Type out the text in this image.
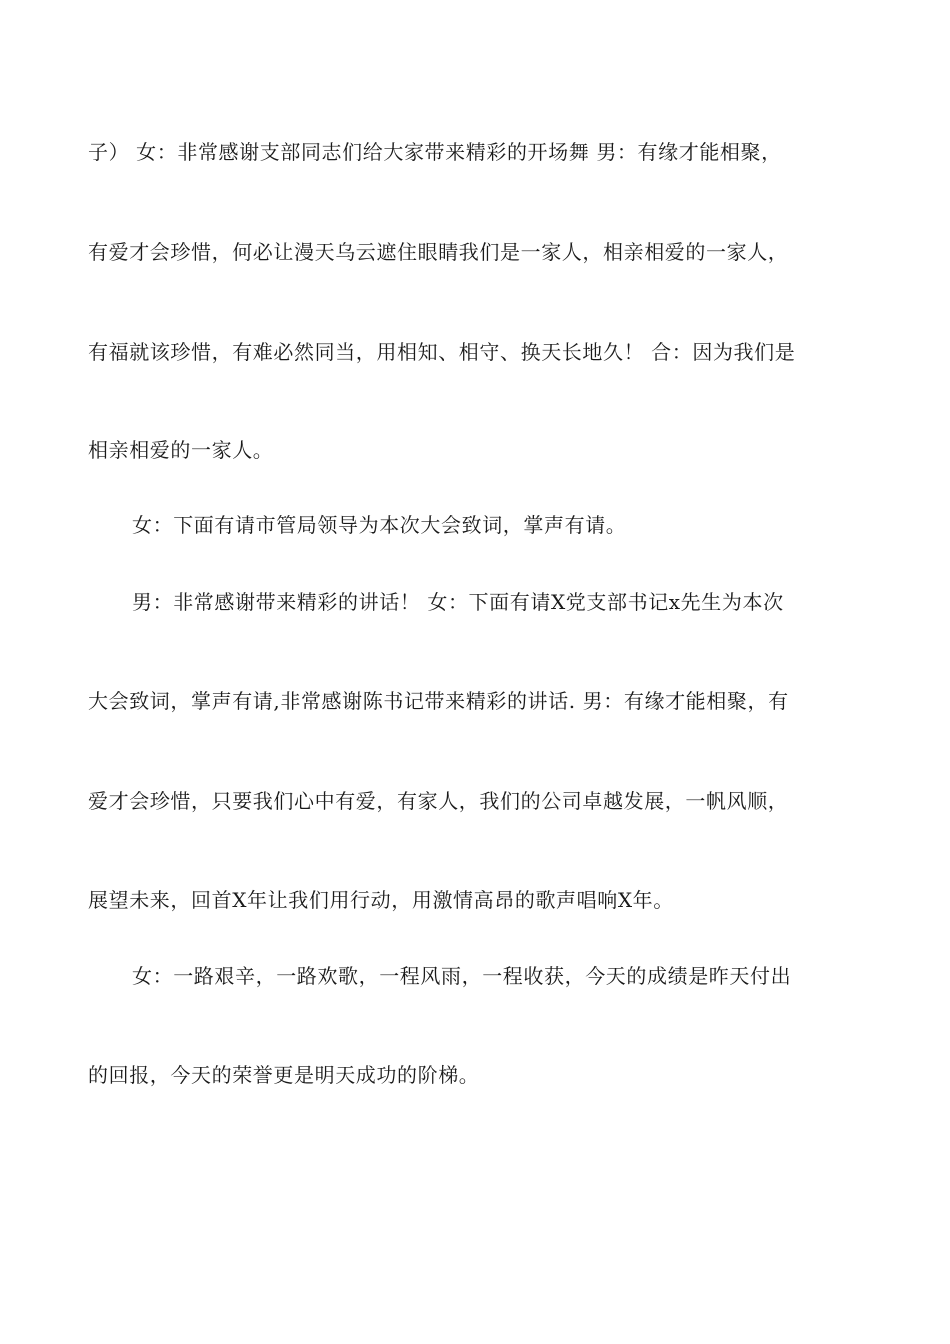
子） 女：非常感谢支部同志们给大家带来精彩的开场舞 男：有缘才能相聚，
有爱才会珍惜，何必让漫天乌云遮住眼睛我们是一家人，相亲相爱的一家人，
有福就该珍惜，有难必然同当，用相知、相守、换天长地久！ 合：因为我们是
相亲相爱的一家人。
女：下面有请市管局领导为本次大会致词，掌声有请。
男：非常感谢带来精彩的讲话！ 女：下面有请X党支部书记x先生为本次
大会致词，掌声有请,非常感谢陈书记带来精彩的讲话. 男：有缘才能相聚，有
爱才会珍惜，只要我们心中有爱，有家人，我们的公司卓越发展，一帆风顺，
展望未来，回首X年让我们用行动，用激情高昂的歌声唱响X年。
女：一路艰辛，一路欢歌，一程风雨，一程收获，今天的成绩是昨天付出
的回报，今天的荣誉更是明天成功的阶梯。
